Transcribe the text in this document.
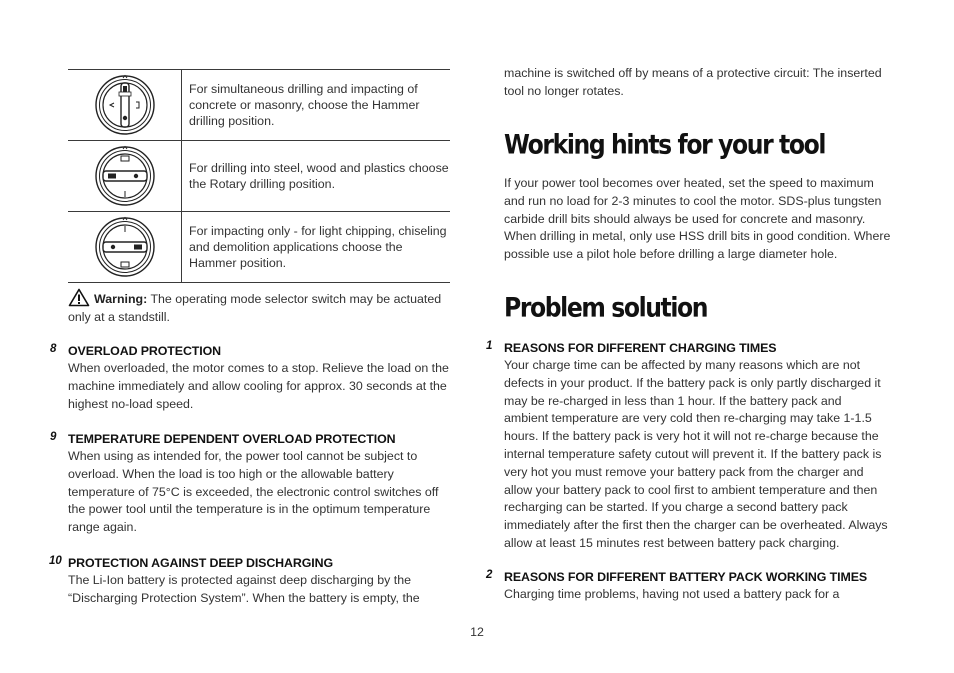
For simultaneous drilling and impacting of concrete or masonry, choose the Hammer drilling position.
For drilling into steel, wood and plastics choose the Rotary drilling position.
For impacting only - for light chipping, chiseling and demolition applications choose the Hammer position.
Warning: The operating mode selector switch may be actuated only at a standstill.
8 OVERLOAD PROTECTION
When overloaded, the motor comes to a stop. Relieve the load on the machine immediately and allow cooling for approx. 30 seconds at the highest no-load speed.
9 TEMPERATURE DEPENDENT OVERLOAD PROTECTION
When using as intended for, the power tool cannot be subject to overload. When the load is too high or the allowable battery temperature of 75°C is exceeded, the electronic control switches off the power tool until the temperature is in the optimum temperature range again.
10 PROTECTION AGAINST DEEP DISCHARGING
The Li-Ion battery is protected against deep discharging by the “Discharging Protection System”. When the battery is empty, the
machine is switched off by means of a protective circuit: The inserted tool no longer rotates.
Working hints for your tool
If your power tool becomes over heated, set the speed to maximum and run no load for 2-3 minutes to cool the motor. SDS-plus tungsten carbide drill bits should always be used for concrete and masonry. When drilling in metal, only use HSS drill bits in good condition. Where possible use a pilot hole before drilling a large diameter hole.
Problem solution
1 REASONS FOR DIFFERENT CHARGING TIMES
Your charge time can be affected by many reasons which are not defects in your product. If the battery pack is only partly discharged it may be re-charged in less than 1 hour. If the battery pack and ambient temperature are very cold then re-charging may take 1-1.5 hours. If the battery pack is very hot it will not re-charge because the internal temperature safety cutout will prevent it. If the battery pack is very hot you must remove your battery pack from the charger and allow your battery pack to cool first to ambient temperature and then recharging can be started. If you charge a second battery pack immediately after the first then the charger can be overheated. Always allow at least 15 minutes rest between battery pack charging.
2 REASONS FOR DIFFERENT BATTERY PACK WORKING TIMES
Charging time problems, having not used a battery pack for a
12
